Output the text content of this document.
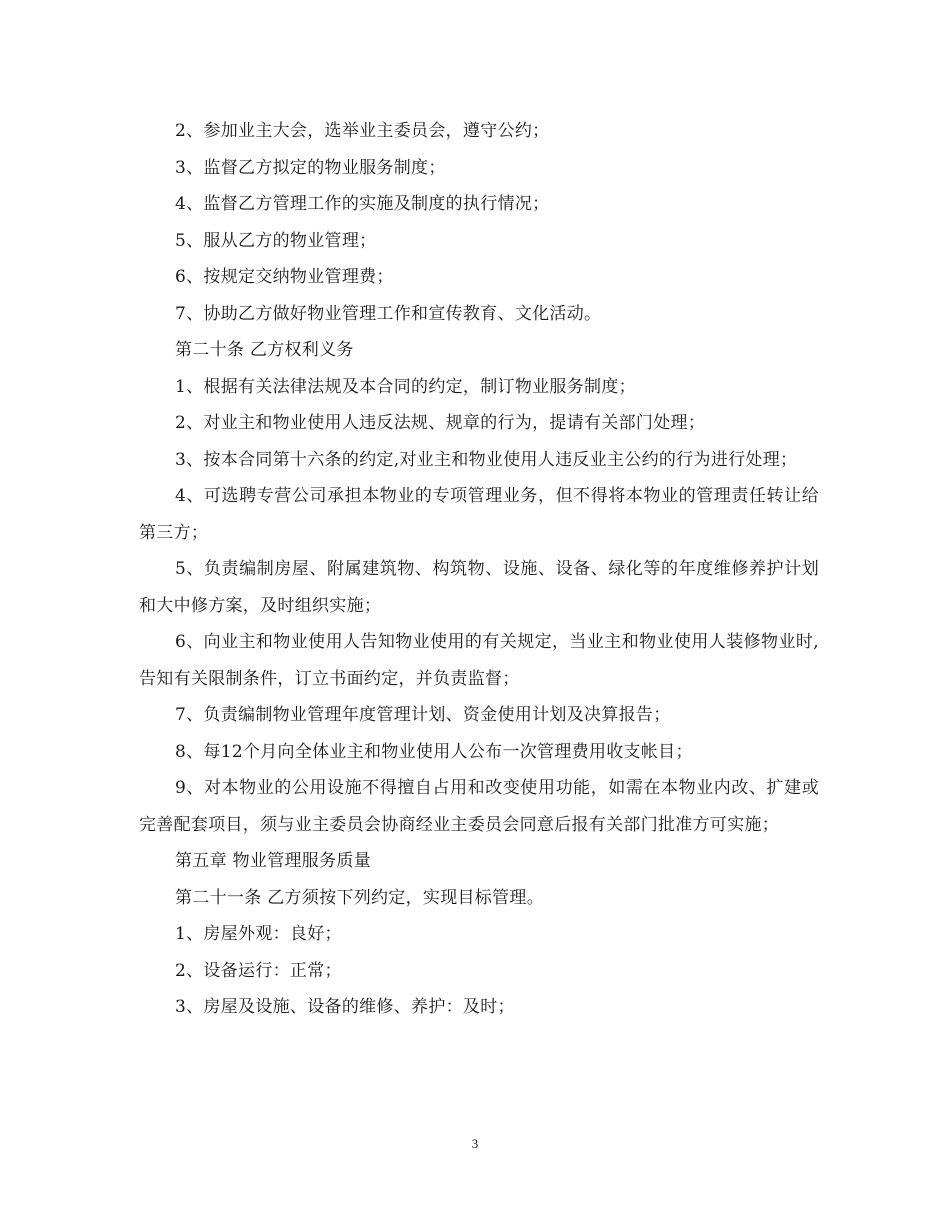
2、参加业主大会，选举业主委员会，遵守公约；

3、监督乙方拟定的物业服务制度；

4、监督乙方管理工作的实施及制度的执行情况；

5、服从乙方的物业管理；

6、按规定交纳物业管理费；

7、协助乙方做好物业管理工作和宣传教育、文化活动。

第二十条 乙方权利义务

1、根据有关法律法规及本合同的约定，制订物业服务制度；

2、对业主和物业使用人违反法规、规章的行为，提请有关部门处理；

3、按本合同第十六条的约定,对业主和物业使用人违反业主公约的行为进行处理；

4、可选聘专营公司承担本物业的专项管理业务，但不得将本物业的管理责任转让给第三方；

5、负责编制房屋、附属建筑物、构筑物、设施、设备、绿化等的年度维修养护计划和大中修方案，及时组织实施；

6、向业主和物业使用人告知物业使用的有关规定，当业主和物业使用人装修物业时,告知有关限制条件，订立书面约定，并负责监督；

7、负责编制物业管理年度管理计划、资金使用计划及决算报告；

8、每12个月向全体业主和物业使用人公布一次管理费用收支帐目；

9、对本物业的公用设施不得擅自占用和改变使用功能，如需在本物业内改、扩建或完善配套项目，须与业主委员会协商经业主委员会同意后报有关部门批准方可实施；

第五章 物业管理服务质量

第二十一条 乙方须按下列约定，实现目标管理。

1、房屋外观：良好；

2、设备运行：正常；

3、房屋及设施、设备的维修、养护：及时；

3
